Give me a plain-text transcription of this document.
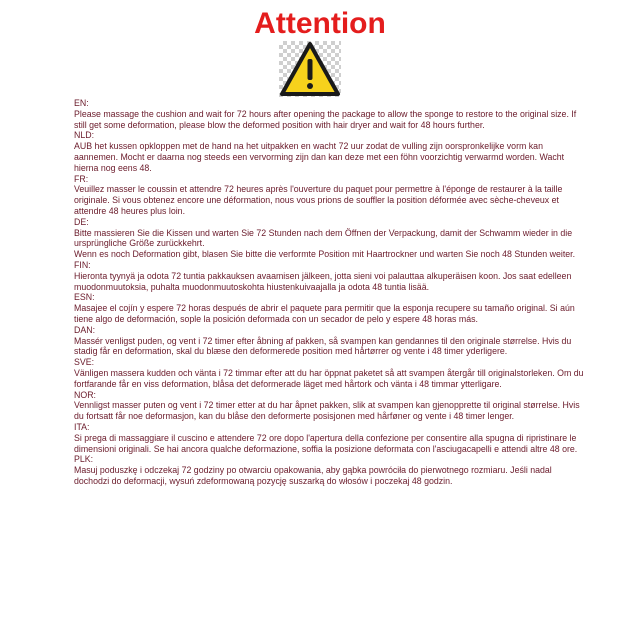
Attention
EN:
Please massage the cushion and wait for 72 hours after opening the package to allow the sponge to restore to the original size. If still get some deformation, please blow the deformed position with hair dryer and wait for 48 hours further.
NLD:
AUB het kussen opkloppen met de hand na het uitpakken en wacht 72 uur zodat de vulling zijn oorspronkelijke vorm kan aannemen. Mocht er daarna nog steeds een vervorming zijn dan kan deze met een föhn voorzichtig verwarmd worden. Wacht hierna nog eens 48.
FR:
Veuillez masser le coussin et attendre 72 heures après l'ouverture du paquet pour permettre à l'éponge de restaurer à la taille originale. Si vous obtenez encore une déformation, nous vous prions de souffler la position déformée avec sèche-cheveux et attendre 48 heures plus loin.
DE:
Bitte massieren Sie die Kissen und warten Sie 72 Stunden nach dem Öffnen der Verpackung, damit der Schwamm wieder in die ursprüngliche Größe zurückkehrt.
Wenn es noch Deformation gibt, blasen Sie bitte die verformte Position mit Haartrockner und warten Sie noch 48 Stunden weiter.
FIN:
Hieronta tyynyä ja odota 72 tuntia pakkauksen avaamisen jälkeen, jotta sieni voi palauttaa alkuperäisen koon. Jos saat edelleen muodonmuutoksia, puhalta muodonmuutoskohta hiustenkuivaajalla ja odota 48 tuntia lisää.
ESN:
Masajee el cojín y espere 72 horas después de abrir el paquete para permitir que la esponja recupere su tamaño original. Si aún tiene algo de deformación, sople la posición deformada con un secador de pelo y espere 48 horas más.
DAN:
Massér venligst puden, og vent i 72 timer efter åbning af pakken, så svampen kan gendannes til den originale størrelse. Hvis du stadig får en deformation, skal du blæse den deformerede position med hårtørrer og vente i 48 timer yderligere.
SVE:
Vänligen massera kudden och vänta i 72 timmar efter att du har öppnat paketet så att svampen återgår till originalstorleken. Om du fortfarande får en viss deformation, blåsa det deformerade läget med hårtork och vänta i 48 timmar ytterligare.
NOR:
Vennligst masser puten og vent i 72 timer etter at du har åpnet pakken, slik at svampen kan gjenopprette til original størrelse. Hvis du fortsatt får noe deformasjon, kan du blåse den deformerte posisjonen med hårføner og vente i 48 timer lenger.
ITA:
Si prega di massaggiare il cuscino e attendere 72 ore dopo l'apertura della confezione per consentire alla spugna di ripristinare le dimensioni originali. Se hai ancora qualche deformazione, soffia la posizione deformata con l'asciugacapelli e attendi altre 48 ore.
PLK:
Masuj poduszkę i odczekaj 72 godziny po otwarciu opakowania, aby gąbka powróciła do pierwotnego rozmiaru. Jeśli nadal dochodzi do deformacji, wysuń zdeformowaną pozycję suszarką do włosów i poczekaj 48 godzin.
